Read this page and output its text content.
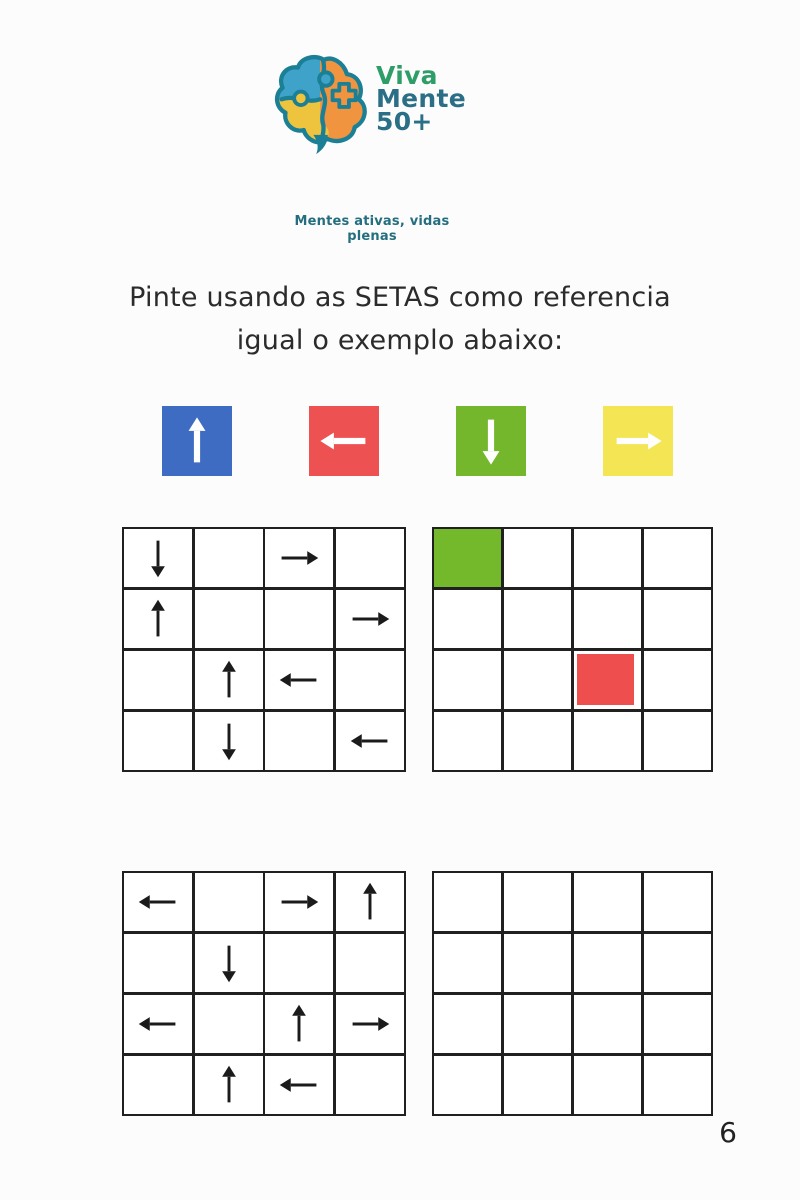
Viva
Mente
50+
Mentes ativas, vidas plenas
Pinte usando as SETAS como referencia
igual o exemplo abaixo:
6
